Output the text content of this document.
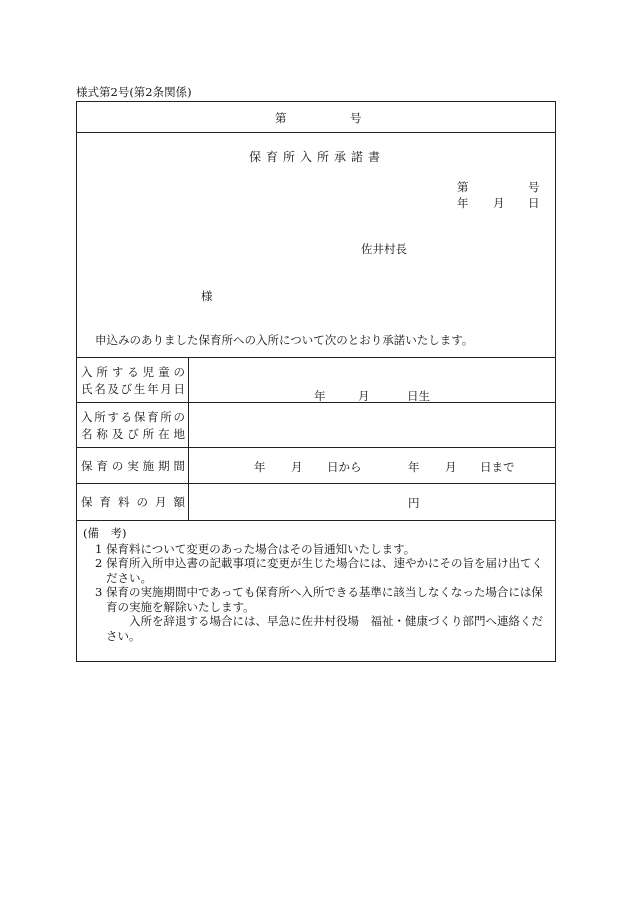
様式第2号(第2条関係)
第	号
保育所入所承諾書
第	号
年 月 日
佐井村長
様
申込みのありました保育所への入所について次のとおり承諾いたします。
入所する児童の
氏名及び生年月日	年	月	日生
入所する保育所の
名称及び所在地
保育の実施期間	年 月 日から	年 月 日まで
保育料の月額	円
(備　考)
1 保育料について変更のあった場合はその旨通知いたします。
2 保育所入所申込書の記載事項に変更が生じた場合には、速やかにその旨を届け出てください。
3 保育の実施期間中であっても保育所へ入所できる基準に該当しなくなった場合には保育の実施を解除いたします。
入所を辞退する場合には、早急に佐井村役場　福祉・健康づくり部門へ連絡ください。
